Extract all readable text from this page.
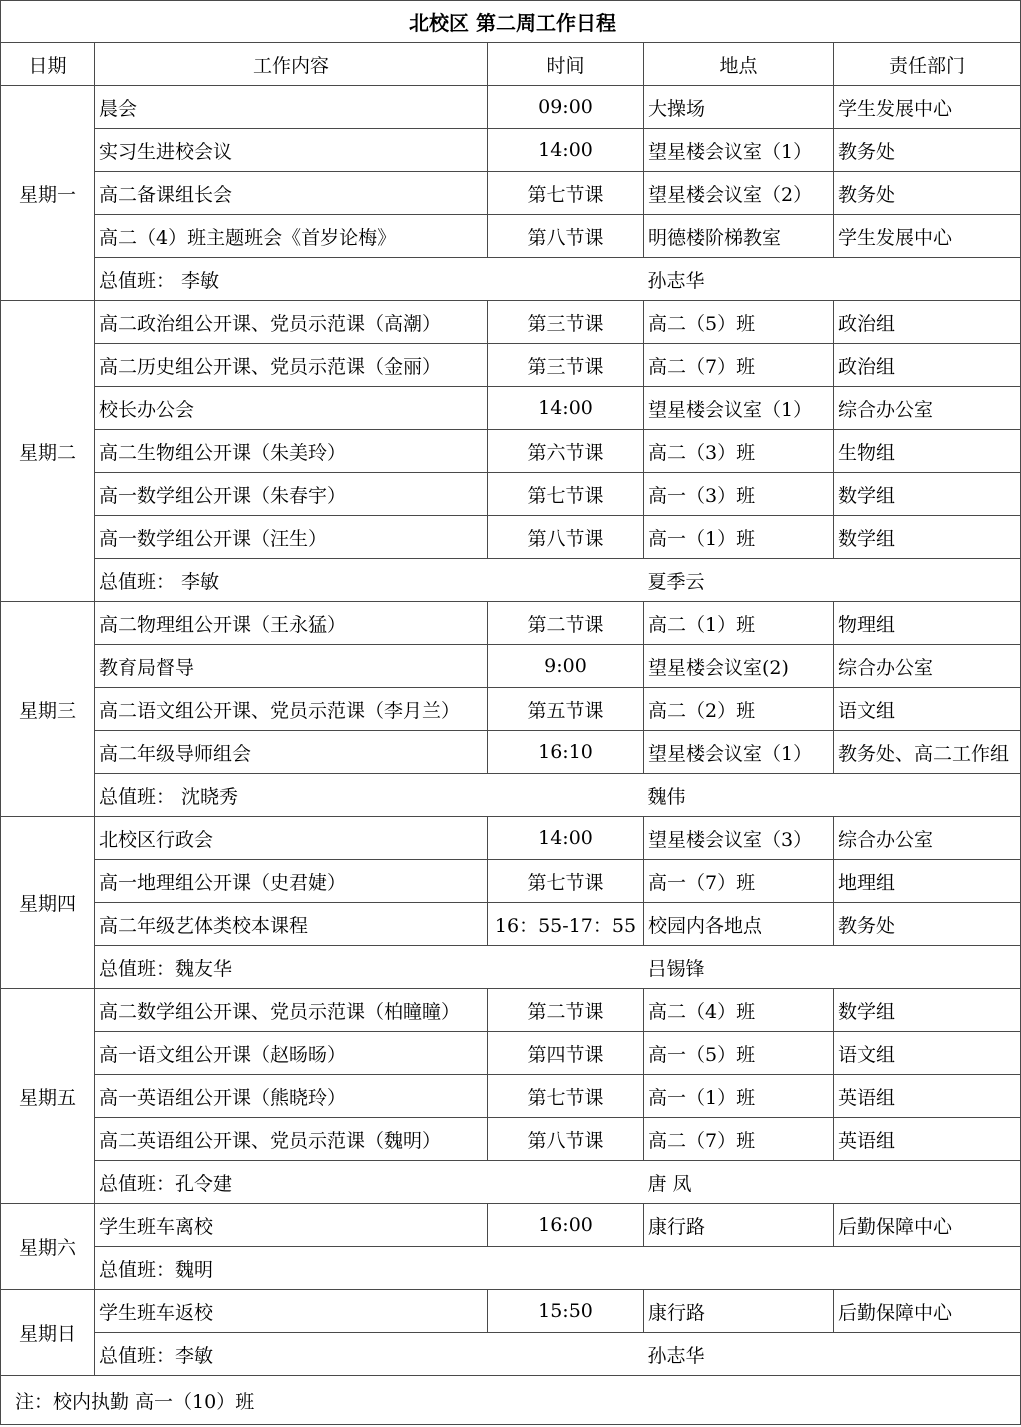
北校区 第二周工作日程				
日期	工作内容	时间	地点	责任部门
星期一	晨会	09:00	大操场	学生发展中心
	实习生进校会议	14:00	望星楼会议室（1）	教务处
	高二备课组长会	第七节课	望星楼会议室（2）	教务处
	高二（4）班主题班会《首岁论梅》	第八节课	明德楼阶梯教室	学生发展中心
	总值班： 李敏		孙志华	
星期二	高二政治组公开课、党员示范课（高潮）	第三节课	高二（5）班	政治组
	高二历史组公开课、党员示范课（金丽）	第三节课	高二（7）班	政治组
	校长办公会	14:00	望星楼会议室（1）	综合办公室
	高二生物组公开课（朱美玲）	第六节课	高二（3）班	生物组
	高一数学组公开课（朱春宇）	第七节课	高一（3）班	数学组
	高一数学组公开课（汪生）	第八节课	高一（1）班	数学组
	总值班： 李敏		夏季云	
星期三	高二物理组公开课（王永猛）	第二节课	高二（1）班	物理组
	教育局督导	9:00	望星楼会议室(2)	综合办公室
	高二语文组公开课、党员示范课（李月兰）	第五节课	高二（2）班	语文组
	高二年级导师组会	16:10	望星楼会议室（1）	教务处、高二工作组
	总值班： 沈晓秀		魏伟	
星期四	北校区行政会	14:00	望星楼会议室（3）	综合办公室
	高一地理组公开课（史君婕）	第七节课	高一（7）班	地理组
	高二年级艺体类校本课程	16：55-17：55	校园内各地点	教务处
	总值班：魏友华		吕锡锋	
星期五	高二数学组公开课、党员示范课（柏瞳瞳）	第二节课	高二（4）班	数学组
	高一语文组公开课（赵旸旸）	第四节课	高一（5）班	语文组
	高一英语组公开课（熊晓玲）	第七节课	高一（1）班	英语组
	高二英语组公开课、党员示范课（魏明）	第八节课	高二（7）班	英语组
	总值班：孔令建		唐 凤	
星期六	学生班车离校	16:00	康行路	后勤保障中心
	总值班：魏明			
星期日	学生班车返校	15:50	康行路	后勤保障中心
	总值班：李敏		孙志华	
注：校内执勤 高一（10）班				
